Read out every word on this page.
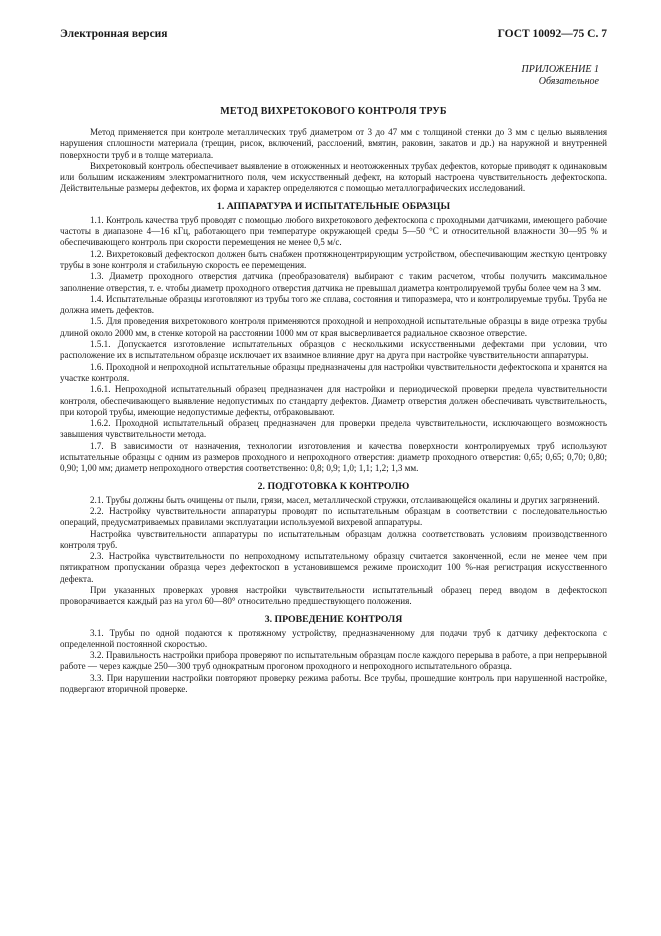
Электронная версия	ГОСТ 10092—75 С. 7
ПРИЛОЖЕНИЕ 1
Обязательное
МЕТОД ВИХРЕТОКОВОГО КОНТРОЛЯ ТРУБ

Метод применяется при контроле металлических труб диаметром от 3 до 47 мм с толщиной стенки до 3 мм с целью выявления нарушения сплошности материала (трещин, рисок, включений, расслоений, вмятин, раковин, закатов и др.) на наружной и внутренней поверхности труб и в толще материала.

Вихретоковый контроль обеспечивает выявление в отожженных и неотожженных трубах дефектов, которые приводят к одинаковым или большим искажениям электромагнитного поля, чем искусственный дефект, на который настроена чувствительность дефектоскопа. Действительные размеры дефектов, их форма и характер определяются с помощью металлографических исследований.

1. АППАРАТУРА И ИСПЫТАТЕЛЬНЫЕ ОБРАЗЦЫ

1.1. Контроль качества труб проводят с помощью любого вихретокового дефектоскопа с проходными датчиками, имеющего рабочие частоты в диапазоне 4—16 кГц, работающего при температуре окружающей среды 5—50 °С и относительной влажности 30—95 % и обеспечивающего контроль при скорости перемещения не менее 0,5 м/с.

1.2. Вихретоковый дефектоскоп должен быть снабжен протяжноцентрирующим устройством, обеспечивающим жесткую центровку трубы в зоне контроля и стабильную скорость ее перемещения.

1.3. Диаметр проходного отверстия датчика (преобразователя) выбирают с таким расчетом, чтобы получить максимальное заполнение отверстия, т. е. чтобы диаметр проходного отверстия датчика не превышал диаметра контролируемой трубы более чем на 3 мм.

1.4. Испытательные образцы изготовляют из трубы того же сплава, состояния и типоразмера, что и контролируемые трубы. Труба не должна иметь дефектов.

1.5. Для проведения вихретокового контроля применяются проходной и непроходной испытательные образцы в виде отрезка трубы длиной около 2000 мм, в стенке которой на расстоянии 1000 мм от края высверливается радиальное сквозное отверстие.

1.5.1. Допускается изготовление испытательных образцов с несколькими искусственными дефектами при условии, что расположение их в испытательном образце исключает их взаимное влияние друг на друга при настройке чувствительности аппаратуры.

1.6. Проходной и непроходной испытательные образцы предназначены для настройки чувствительности дефектоскопа и хранятся на участке контроля.

1.6.1. Непроходной испытательный образец предназначен для настройки и периодической проверки предела чувствительности контроля, обеспечивающего выявление недопустимых по стандарту дефектов. Диаметр отверстия должен обеспечивать чувствительность, при которой трубы, имеющие недопустимые дефекты, отбраковывают.

1.6.2. Проходной испытательный образец предназначен для проверки предела чувствительности, исключающего возможность завышения чувствительности метода.

1.7. В зависимости от назначения, технологии изготовления и качества поверхности контролируемых труб используют испытательные образцы с одним из размеров проходного и непроходного отверстия: диаметр проходного отверстия: 0,65; 0,65; 0,70; 0,80; 0,90; 1,00 мм; диаметр непроходного отверстия соответственно: 0,8; 0,9; 1,0; 1,1; 1,2; 1,3 мм.

2. ПОДГОТОВКА К КОНТРОЛЮ

2.1. Трубы должны быть очищены от пыли, грязи, масел, металлической стружки, отслаивающейся окалины и других загрязнений.

2.2. Настройку чувствительности аппаратуры проводят по испытательным образцам в соответствии с последовательностью операций, предусматриваемых правилами эксплуатации используемой вихревой аппаратуры.

Настройка чувствительности аппаратуры по испытательным образцам должна соответствовать условиям производственного контроля труб.

2.3. Настройка чувствительности по непроходному испытательному образцу считается законченной, если не менее чем при пятикратном пропускании образца через дефектоскоп в установившемся режиме происходит 100 %-ная регистрация искусственного дефекта.

При указанных проверках уровня настройки чувствительности испытательный образец перед вводом в дефектоскоп проворачивается каждый раз на угол 60—80° относительно предшествующего положения.

3. ПРОВЕДЕНИЕ КОНТРОЛЯ

3.1. Трубы по одной подаются к протяжному устройству, предназначенному для подачи труб к датчику дефектоскопа с определенной постоянной скоростью.

3.2. Правильность настройки прибора проверяют по испытательным образцам после каждого перерыва в работе, а при непрерывной работе — через каждые 250—300 труб однократным прогоном проходного и непроходного испытательного образца.

3.3. При нарушении настройки повторяют проверку режима работы. Все трубы, прошедшие контроль при нарушенной настройке, подвергают вторичной проверке.
